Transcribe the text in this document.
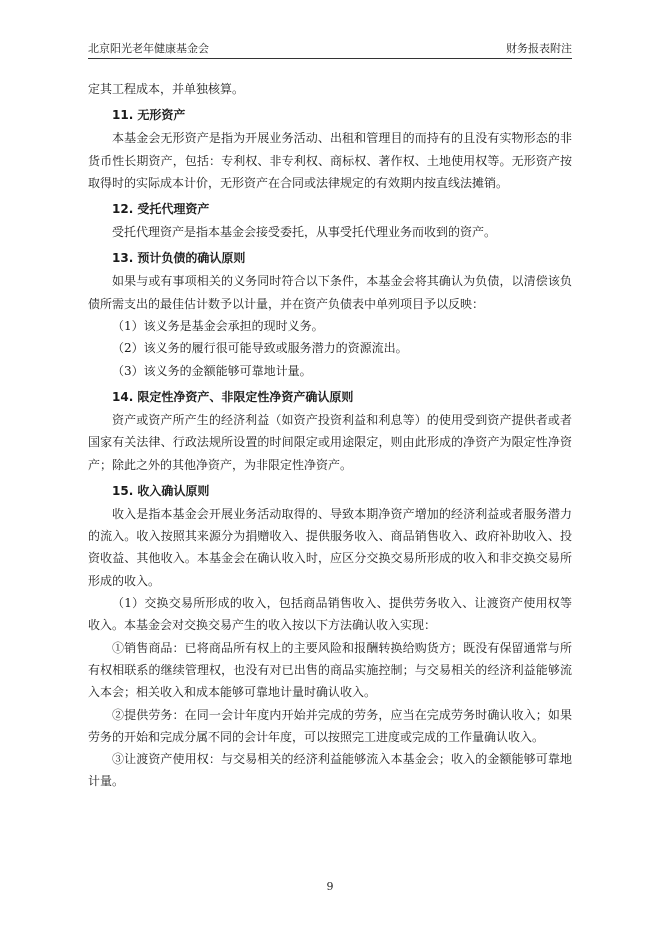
北京阳光老年健康基金会	财务报表附注

定其工程成本，并单独核算。

11. 无形资产

本基金会无形资产是指为开展业务活动、出租和管理目的而持有的且没有实物形态的非货币性长期资产，包括：专利权、非专利权、商标权、著作权、土地使用权等。无形资产按取得时的实际成本计价，无形资产在合同或法律规定的有效期内按直线法摊销。

12. 受托代理资产

受托代理资产是指本基金会接受委托，从事受托代理业务而收到的资产。

13. 预计负债的确认原则

如果与或有事项相关的义务同时符合以下条件，本基金会将其确认为负债，以清偿该负债所需支出的最佳估计数予以计量，并在资产负债表中单列项目予以反映：

（1）该义务是基金会承担的现时义务。

（2）该义务的履行很可能导致或服务潜力的资源流出。

（3）该义务的金额能够可靠地计量。

14. 限定性净资产、非限定性净资产确认原则

资产或资产所产生的经济利益（如资产投资利益和利息等）的使用受到资产提供者或者国家有关法律、行政法规所设置的时间限定或用途限定，则由此形成的净资产为限定性净资产；除此之外的其他净资产，为非限定性净资产。

15. 收入确认原则

收入是指本基金会开展业务活动取得的、导致本期净资产增加的经济利益或者服务潜力的流入。收入按照其来源分为捐赠收入、提供服务收入、商品销售收入、政府补助收入、投资收益、其他收入。本基金会在确认收入时，应区分交换交易所形成的收入和非交换交易所形成的收入。

（1）交换交易所形成的收入，包括商品销售收入、提供劳务收入、让渡资产使用权等收入。本基金会对交换交易产生的收入按以下方法确认收入实现：

①销售商品：已将商品所有权上的主要风险和报酬转换给购货方；既没有保留通常与所有权相联系的继续管理权，也没有对已出售的商品实施控制；与交易相关的经济利益能够流入本会；相关收入和成本能够可靠地计量时确认收入。

②提供劳务：在同一会计年度内开始并完成的劳务，应当在完成劳务时确认收入；如果劳务的开始和完成分属不同的会计年度，可以按照完工进度或完成的工作量确认收入。

③让渡资产使用权：与交易相关的经济利益能够流入本基金会；收入的金额能够可靠地计量。

9
